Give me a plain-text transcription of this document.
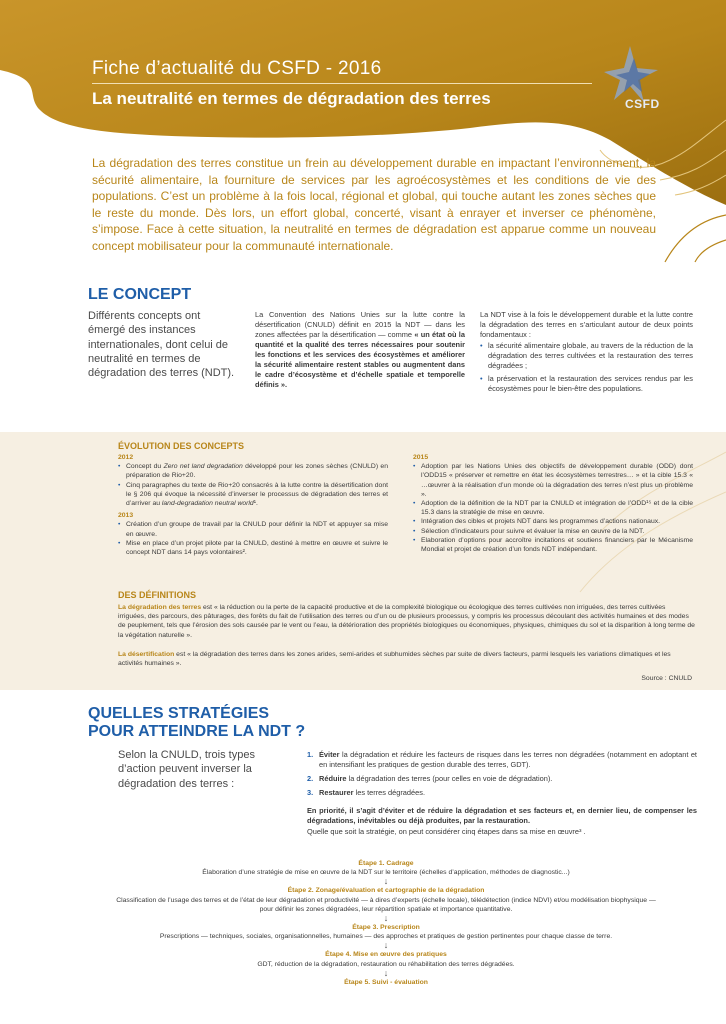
Fiche d’actualité du CSFD - 2016
La neutralité en termes de dégradation des terres	CSFD
La dégradation des terres constitue un frein au développement durable en impactant l’environnement, la sécurité alimentaire, la fourniture de services par les agroécosystèmes et les conditions de vie des populations. C’est un problème à la fois local, régional et global, qui touche autant les zones sèches que le reste du monde. Dès lors, un effort global, concerté, visant à enrayer et inverser ce phénomène, s’impose. Face à cette situation, la neutralité en termes de dégradation est apparue comme un nouveau concept mobilisateur pour la communauté internationale.
LE CONCEPT
Différents concepts ont émergé des instances internationales, dont celui de neutralité en termes de dégradation des terres (NDT).
La Convention des Nations Unies sur la lutte contre la désertification (CNULD) définit en 2015 la NDT — dans les zones affectées par la désertification — comme « un état où la quantité et la qualité des terres nécessaires pour soutenir les fonctions et les services des écosystèmes et améliorer la sécurité alimentaire restent stables ou augmentent dans le cadre d’écosystème et d’échelle spatiale et temporelle définis ».
La NDT vise à la fois le développement durable et la lutte contre la dégradation des terres en s’articulant autour de deux points fondamentaux :
• la sécurité alimentaire globale, au travers de la réduction de la dégradation des terres cultivées et la restauration des terres dégradées ;
• la préservation et la restauration des services rendus par les écosystèmes pour le bien-être des populations.
ÉVOLUTION DES CONCEPTS
2012
• Concept du Zero net land degradation développé pour les zones sèches (CNULD) en préparation de Rio+20.
• Cinq paragraphes du texte de Rio+20 consacrés à la lutte contre la désertification dont le § 206 qui évoque la nécessité d’inverser le processus de dégradation des terres et d’arriver au land-degradation neutral world¹.
2013
• Création d’un groupe de travail par la CNULD pour définir la NDT et appuyer sa mise en œuvre.
• Mise en place d’un projet pilote par la CNULD, destiné à mettre en œuvre et suivre le concept NDT dans 14 pays volontaires².
2015
• Adoption par les Nations Unies des objectifs de développement durable (ODD) dont l’ODD15 « préserver et remettre en état les écosystèmes terrestres… » et la cible 15.3 « …œuvrer à la réalisation d’un monde où la dégradation des terres n’est plus un problème ».
• Adoption de la définition de la NDT par la CNULD et intégration de l’ODD¹⁵ et de la cible 15.3 dans la stratégie de mise en œuvre.
• Intégration des cibles et projets NDT dans les programmes d’actions nationaux.
• Sélection d’indicateurs pour suivre et évaluer la mise en œuvre de la NDT.
• Elaboration d’options pour accroître incitations et soutiens financiers par le Mécanisme Mondial et projet de création d’un fonds NDT indépendant.
DES DÉFINITIONS
La dégradation des terres est « la réduction ou la perte de la capacité productive et de la complexité biologique ou écologique des terres cultivées non irriguées, des terres cultivées irriguées, des parcours, des pâturages, des forêts du fait de l’utilisation des terres ou d’un ou de plusieurs processus, y compris les processus découlant des activités humaines et des modes de peuplement, tels que l’érosion des sols causée par le vent ou l’eau, la détérioration des propriétés biologiques ou économiques, physiques, chimiques du sol et la disparition à long terme de la végétation naturelle ».
La désertification est « la dégradation des terres dans les zones arides, semi-arides et subhumides sèches par suite de divers facteurs, parmi lesquels les variations climatiques et les activités humaines ».
Source : CNULD
QUELLES STRATÉGIES
POUR ATTEINDRE LA NDT ?
Selon la CNULD, trois types d’action peuvent inverser la dégradation des terres :
1. Éviter la dégradation et réduire les facteurs de risques dans les terres non dégradées (notamment en adoptant et en intensifiant les pratiques de gestion durable des terres, GDT).
2. Réduire la dégradation des terres (pour celles en voie de dégradation).
3. Restaurer les terres dégradées.
En priorité, il s’agit d’éviter et de réduire la dégradation et ses facteurs et, en dernier lieu, de compenser les dégradations, inévitables ou déjà produites, par la restauration.
Quelle que soit la stratégie, on peut considérer cinq étapes dans sa mise en œuvre³ .
Étape 1. Cadrage
Élaboration d’une stratégie de mise en œuvre de la NDT sur le territoire (échelles d’application, méthodes de diagnostic...)
↓
Étape 2. Zonage/évaluation et cartographie de la dégradation
Classification de l’usage des terres et de l’état de leur dégradation et productivité — à dires d’experts (échelle locale), télédétection (indice NDVI) et/ou modélisation biophysique — pour définir les zones dégradées, leur répartition spatiale et importance quantitative.
↓
Étape 3. Prescription
Prescriptions — techniques, sociales, organisationnelles, humaines — des approches et pratiques de gestion pertinentes pour chaque classe de terre.
↓
Étape 4. Mise en œuvre des pratiques
GDT, réduction de la dégradation, restauration ou réhabilitation des terres dégradées.
↓
Étape 5. Suivi - évaluation
